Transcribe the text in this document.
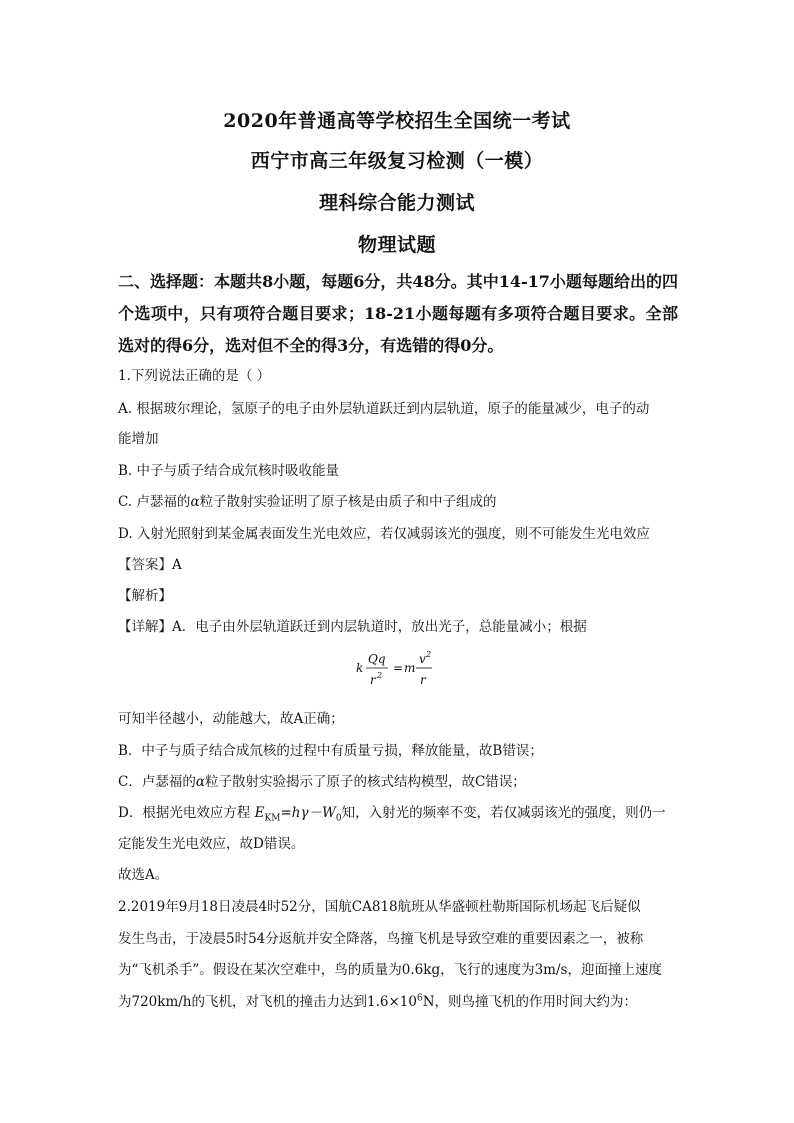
2020年普通高等学校招生全国统一考试
西宁市高三年级复习检测（一模）
理科综合能力测试
物理试题
二、选择题：本题共8小题，每题6分，共48分。其中14-17小题每题给出的四个选项中，只有项符合题目要求；18-21小题每题有多项符合题目要求。全部选对的得6分，选对但不全的得3分，有选错的得0分。
1.下列说法正确的是（ ）
A. 根据玻尔理论，氢原子的电子由外层轨道跃迁到内层轨道，原子的能量减少，电子的动
能增加
B. 中子与质子结合成氘核时吸收能量
C. 卢瑟福的α粒子散射实验证明了原子核是由质子和中子组成的
D. 入射光照射到某金属表面发生光电效应，若仅减弱该光的强度，则不可能发生光电效应
【答案】A
【解析】
【详解】A．电子由外层轨道跃迁到内层轨道时，放出光子，总能量减小；根据
k
Qq
r 2
= m
v 2
r
可知半径越小，动能越大，故A正确；
B．中子与质子结合成氘核的过程中有质量亏损，释放能量，故B错误；
C．卢瑟福的α粒子散射实验揭示了原子的核式结构模型，故C错误；
D．根据光电效应方程 $E_{KM}=h\gamma-W_0$知，入射光的频率不变，若仅减弱该光的强度，则仍一
定能发生光电效应，故D错误。
故选A。
2.2019年9月18日凌晨4时52分，国航CA818航班从华盛顿杜勒斯国际机场起飞后疑似
发生鸟击，于凌晨5时54分返航并安全降落，鸟撞飞机是导致空难的重要因素之一，被称
为“飞机杀手”。假设在某次空难中，鸟的质量为0.6kg，飞行的速度为3m/s，迎面撞上速度
为720km/h的飞机，对飞机的撞击力达到$1.6\times 10^6N$，则鸟撞飞机的作用时间大约为：
